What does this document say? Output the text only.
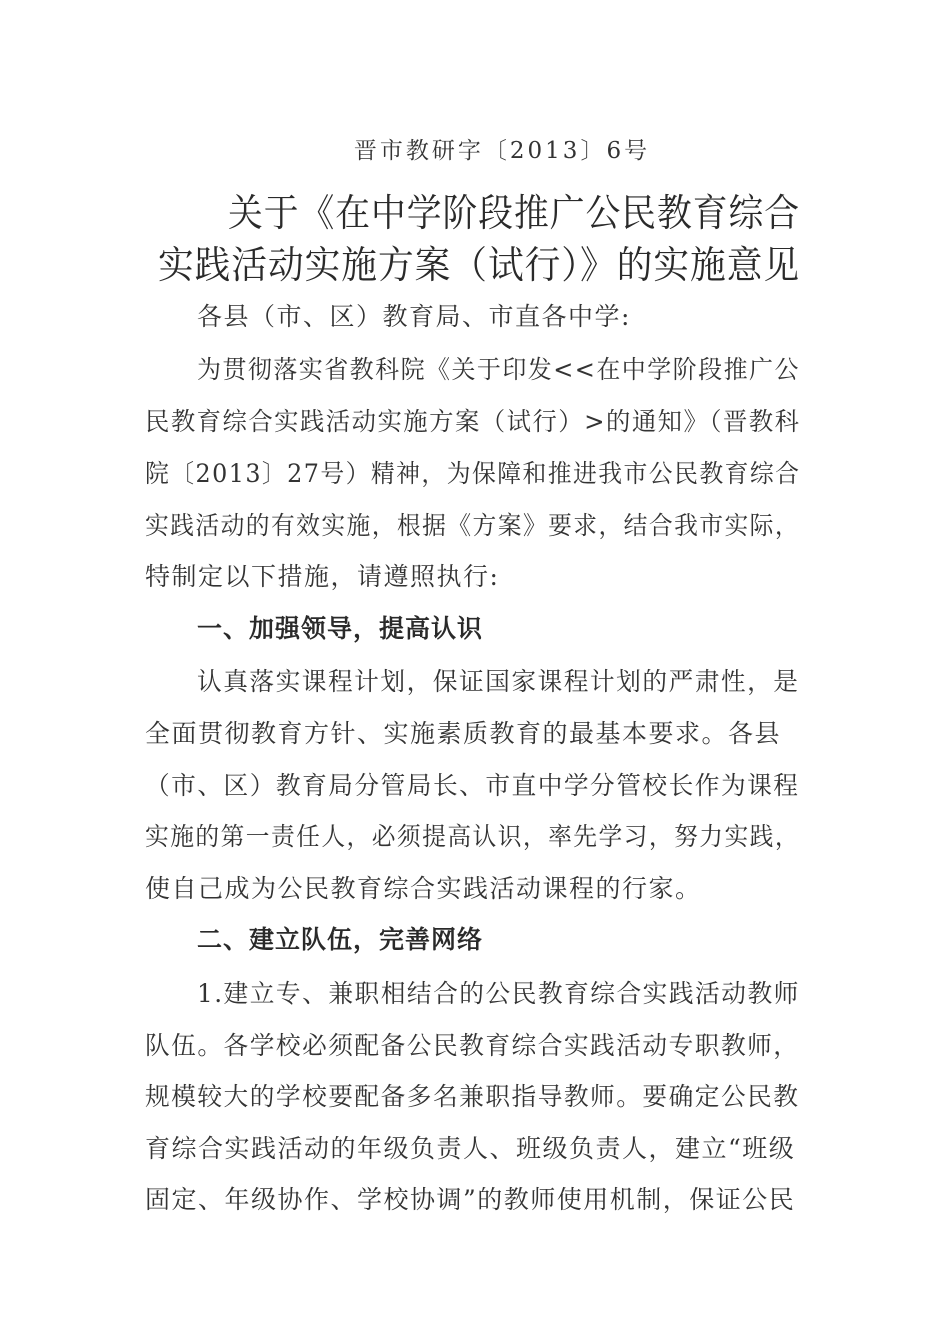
晋市教研字〔2013〕6号
关于《在中学阶段推广公民教育综合
实践活动实施方案（试行）》的实施意见
各县（市、区）教育局、市直各中学:
为贯彻落实省教科院《关于印发<<在中学阶段推广公
民教育综合实践活动实施方案（试行）>的通知》（晋教科
院〔2013〕27号）精神，为保障和推进我市公民教育综合
实践活动的有效实施，根据《方案》要求，结合我市实际，
特制定以下措施，请遵照执行:
一、加强领导，提高认识
认真落实课程计划，保证国家课程计划的严肃性，是
全面贯彻教育方针、实施素质教育的最基本要求。各县
（市、区）教育局分管局长、市直中学分管校长作为课程
实施的第一责任人，必须提高认识，率先学习，努力实践，
使自己成为公民教育综合实践活动课程的行家。
二、建立队伍，完善网络
1.建立专、兼职相结合的公民教育综合实践活动教师
队伍。各学校必须配备公民教育综合实践活动专职教师，
规模较大的学校要配备多名兼职指导教师。要确定公民教
育综合实践活动的年级负责人、班级负责人，建立“班级
固定、年级协作、学校协调”的教师使用机制，保证公民
